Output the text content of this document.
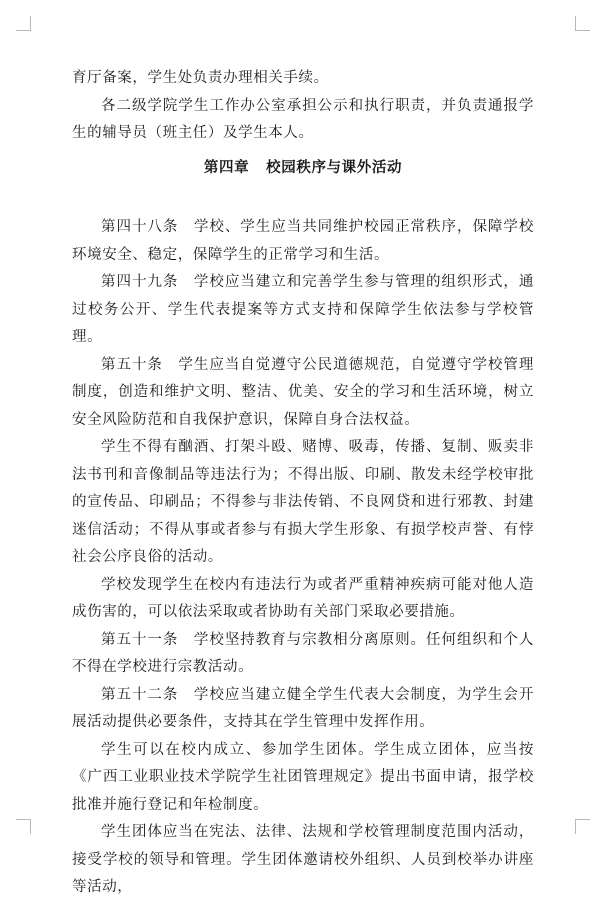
育厅备案，学生处负责办理相关手续。

各二级学院学生工作办公室承担公示和执行职责，并负责通报学生的辅导员（班主任）及学生本人。

第四章 校园秩序与课外活动

第四十八条　学校、学生应当共同维护校园正常秩序，保障学校环境安全、稳定，保障学生的正常学习和生活。

第四十九条　学校应当建立和完善学生参与管理的组织形式，通过校务公开、学生代表提案等方式支持和保障学生依法参与学校管理。

第五十条　学生应当自觉遵守公民道德规范，自觉遵守学校管理制度，创造和维护文明、整洁、优美、安全的学习和生活环境，树立安全风险防范和自我保护意识，保障自身合法权益。

学生不得有酗酒、打架斗殴、赌博、吸毒，传播、复制、贩卖非法书刊和音像制品等违法行为；不得出版、印刷、散发未经学校审批的宣传品、印刷品；不得参与非法传销、不良网贷和进行邪教、封建迷信活动；不得从事或者参与有损大学生形象、有损学校声誉、有悖社会公序良俗的活动。

学校发现学生在校内有违法行为或者严重精神疾病可能对他人造成伤害的，可以依法采取或者协助有关部门采取必要措施。

第五十一条　学校坚持教育与宗教相分离原则。任何组织和个人不得在学校进行宗教活动。

第五十二条　学校应当建立健全学生代表大会制度，为学生会开展活动提供必要条件，支持其在学生管理中发挥作用。

学生可以在校内成立、参加学生团体。学生成立团体，应当按《广西工业职业技术学院学生社团管理规定》提出书面申请，报学校批准并施行登记和年检制度。

学生团体应当在宪法、法律、法规和学校管理制度范围内活动，接受学校的领导和管理。学生团体邀请校外组织、人员到校举办讲座等活动，
